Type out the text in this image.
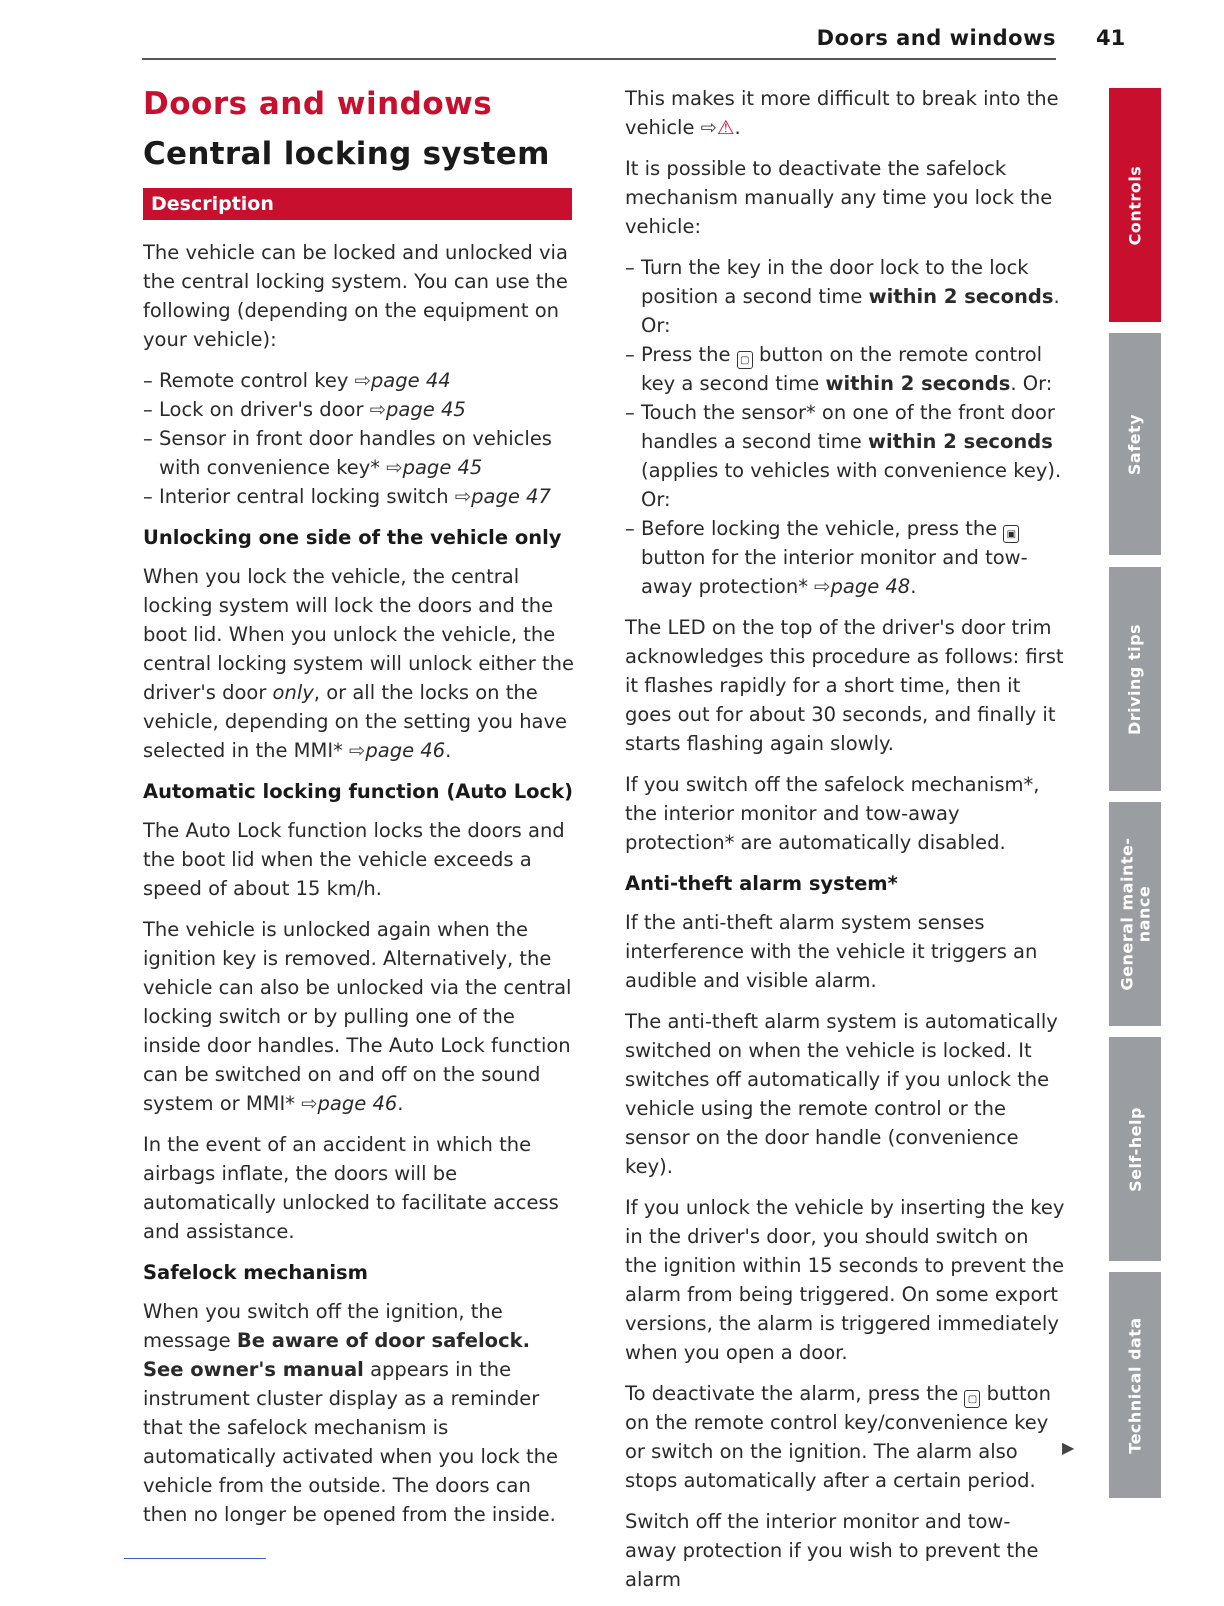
Doors and windows 41
Doors and windows
Central locking system
Description

The vehicle can be locked and unlocked via the central locking system. You can use the following (depending on the equipment on your vehicle):

– Remote control key ⇨page 44
– Lock on driver's door ⇨page 45
– Sensor in front door handles on vehicles with convenience key* ⇨page 45
– Interior central locking switch ⇨page 47
Unlocking one side of the vehicle only

When you lock the vehicle, the central locking system will lock the doors and the boot lid. When you unlock the vehicle, the central locking system will unlock either the driver's door only, or all the locks on the vehicle, depending on the setting you have selected in the MMI* ⇨page 46.

Automatic locking function (Auto Lock)

The Auto Lock function locks the doors and the boot lid when the vehicle exceeds a speed of about 15 km/h.

The vehicle is unlocked again when the ignition key is removed. Alternatively, the vehicle can also be unlocked via the central locking switch or by pulling one of the inside door handles. The Auto Lock function can be switched on and off on the sound system or MMI* ⇨page 46.

In the event of an accident in which the airbags inflate, the doors will be automatically unlocked to facilitate access and assistance.

Safelock mechanism

When you switch off the ignition, the message Be aware of door safelock. See owner's manual appears in the instrument cluster display as a reminder that the safelock mechanism is automatically activated when you lock the vehicle from the outside. The doors can then no longer be opened from the inside.

This makes it more difficult to break into the vehicle ⇨⚠.

It is possible to deactivate the safelock mechanism manually any time you lock the vehicle:

– Turn the key in the door lock to the lock position a second time within 2 seconds. Or:
– Press the ▢ button on the remote control key a second time within 2 seconds. Or:
– Touch the sensor* on one of the front door handles a second time within 2 seconds (applies to vehicles with convenience key). Or:
– Before locking the vehicle, press the ▣ button for the interior monitor and tow-away protection* ⇨page 48.

The LED on the top of the driver's door trim acknowledges this procedure as follows: first it flashes rapidly for a short time, then it goes out for about 30 seconds, and finally it starts flashing again slowly.

If you switch off the safelock mechanism*, the interior monitor and tow-away protection* are automatically disabled.

Anti-theft alarm system*

If the anti-theft alarm system senses interference with the vehicle it triggers an audible and visible alarm.

The anti-theft alarm system is automatically switched on when the vehicle is locked. It switches off automatically if you unlock the vehicle using the remote control or the sensor on the door handle (convenience key).

If you unlock the vehicle by inserting the key in the driver's door, you should switch on the ignition within 15 seconds to prevent the alarm from being triggered. On some export versions, the alarm is triggered immediately when you open a door.

To deactivate the alarm, press the ▢ button on the remote control key/convenience key or switch on the ignition. The alarm also stops automatically after a certain period.

Switch off the interior monitor and tow-away protection if you wish to prevent the alarm

▶
Controls
Safety
Driving tips
General mainte-
nance
Self-help
Technical data
